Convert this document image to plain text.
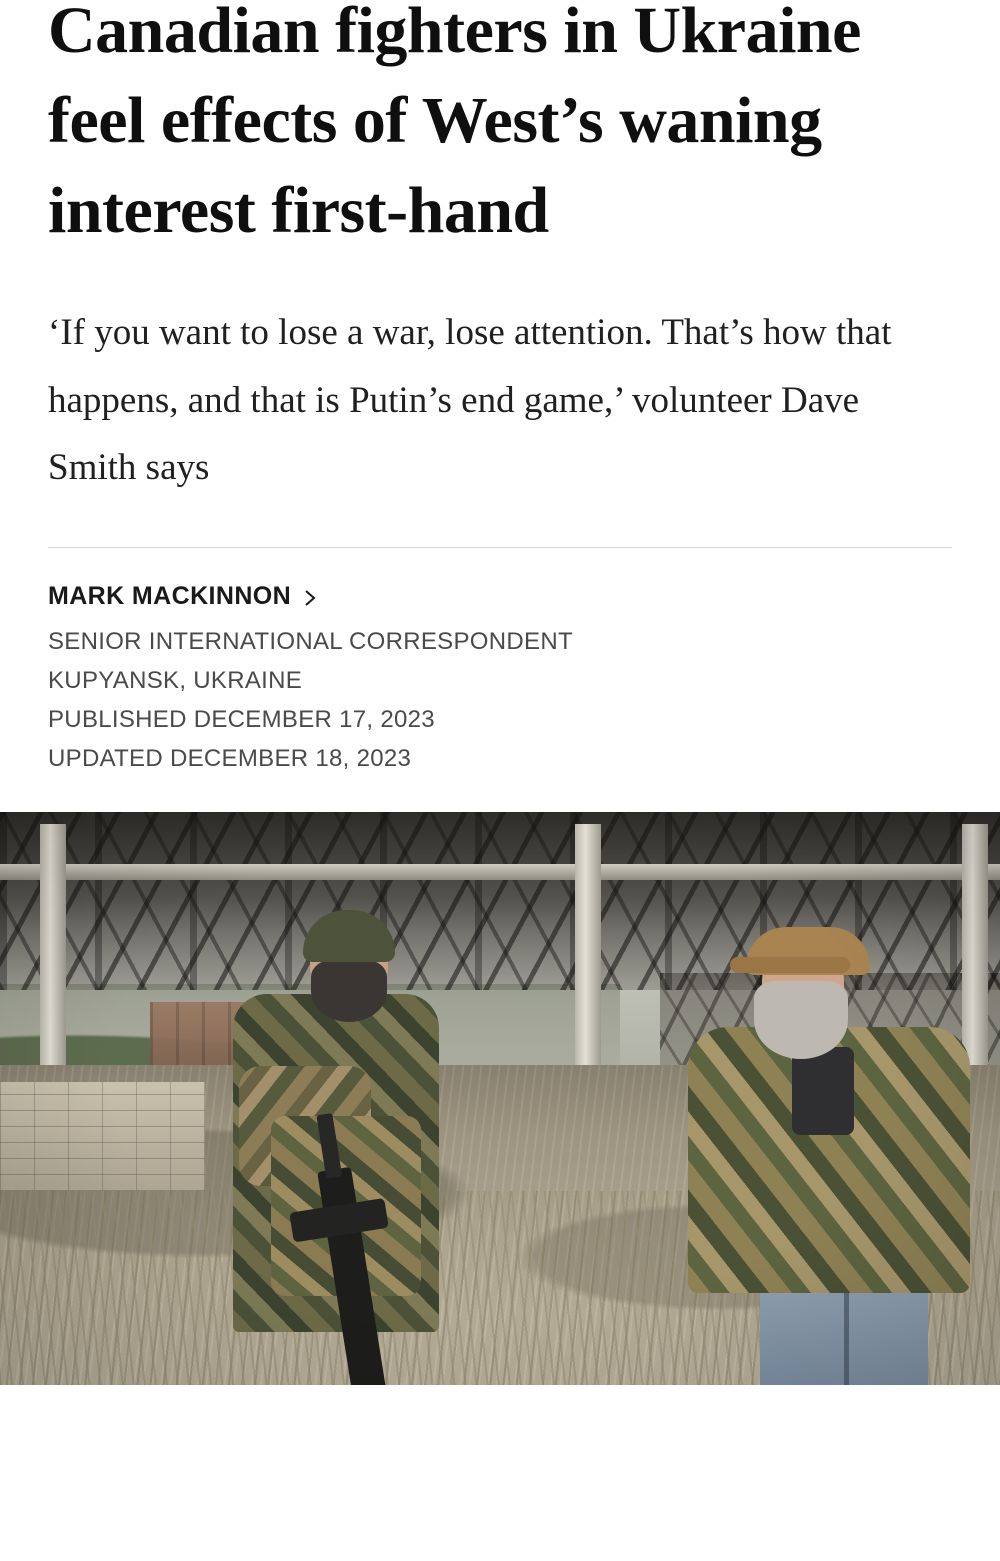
Canadian fighters in Ukraine feel effects of West’s waning interest first-hand

‘If you want to lose a war, lose attention. That’s how that happens, and that is Putin’s end game,’ volunteer Dave Smith says

MARK MACKINNON
SENIOR INTERNATIONAL CORRESPONDENT
KUPYANSK, UKRAINE
PUBLISHED DECEMBER 17, 2023
UPDATED DECEMBER 18, 2023
